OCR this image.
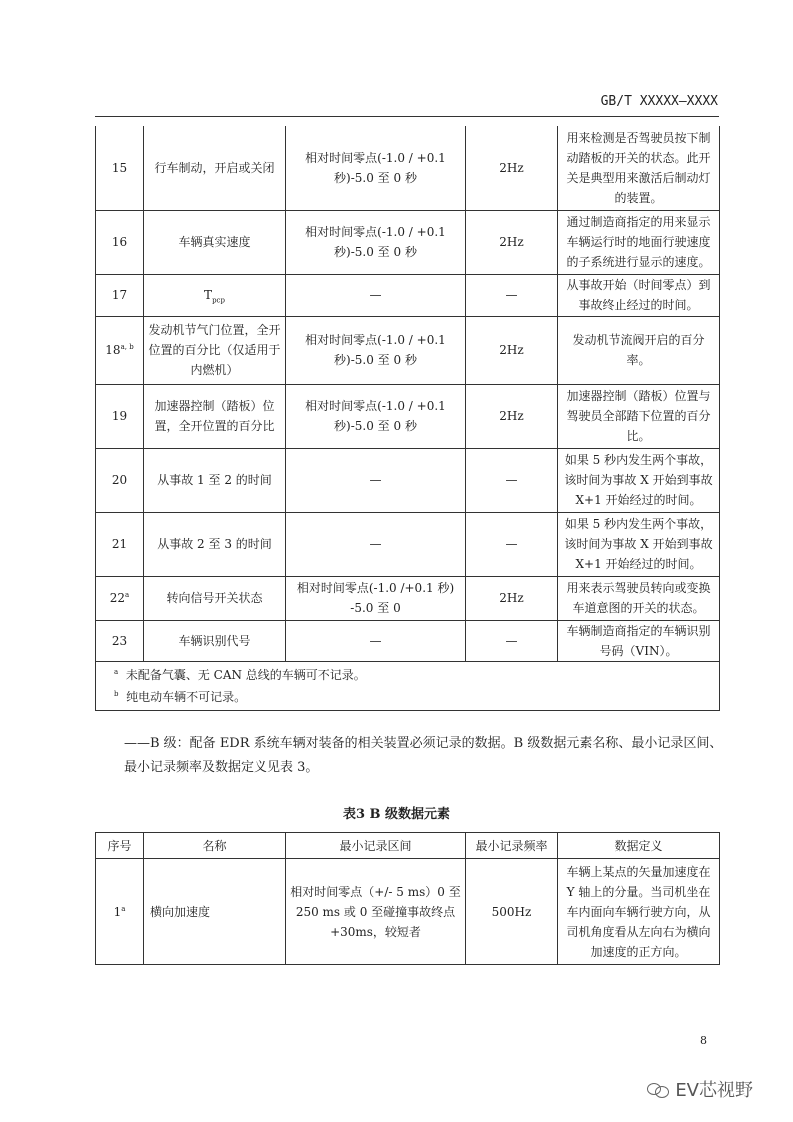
GB/T XXXXX—XXXX
15	行车制动，开启或关闭	相对时间零点(-1.0 / +0.1 秒)-5.0 至 0 秒	2Hz	用来检测是否驾驶员按下制动踏板的开关的状态。此开关是典型用来激活后制动灯的装置。
16	车辆真实速度	相对时间零点(-1.0 / +0.1 秒)-5.0 至 0 秒	2Hz	通过制造商指定的用来显示车辆运行时的地面行驶速度的子系统进行显示的速度。
17	$T_{pcp}$	—	—	从事故开始（时间零点）到事故终止经过的时间。
18$^{a, b}$	发动机节气门位置，全开位置的百分比（仅适用于内燃机）	相对时间零点(-1.0 / +0.1 秒)-5.0 至 0 秒	2Hz	发动机节流阀开启的百分率。
19	加速器控制（踏板）位置，全开位置的百分比	相对时间零点(-1.0 / +0.1 秒)-5.0 至 0 秒	2Hz	加速器控制（踏板）位置与驾驶员全部踏下位置的百分比。
20	从事故 1 至 2 的时间	—	—	如果 5 秒内发生两个事故，该时间为事故 X 开始到事故 X+1 开始经过的时间。
21	从事故 2 至 3 的时间	—	—	如果 5 秒内发生两个事故，该时间为事故 X 开始到事故 X+1 开始经过的时间。
22$^a$	转向信号开关状态	相对时间零点(-1.0 /+0.1 秒) -5.0 至 0	2Hz	用来表示驾驶员转向或变换车道意图的开关的状态。
23	车辆识别代号	—	—	车辆制造商指定的车辆识别号码（VIN）。

$^a$ 未配备气囊、无 CAN 总线的车辆可不记录。
$^b$ 纯电动车辆不可记录。				
——B 级：配备 EDR 系统车辆对装备的相关装置必须记录的数据。B 级数据元素名称、最小记录区间、最小记录频率及数据定义见表 3。
表3 B 级数据元素
序号	名称	最小记录区间	最小记录频率	数据定义
1$^a$	横向加速度	相对时间零点（+/- 5 ms）0 至 250 ms 或 0 至碰撞事故终点+30ms，较短者	500Hz	车辆上某点的矢量加速度在Y 轴上的分量。当司机坐在车内面向车辆行驶方向，从司机角度看从左向右为横向加速度的正方向。
8
EV芯视野
